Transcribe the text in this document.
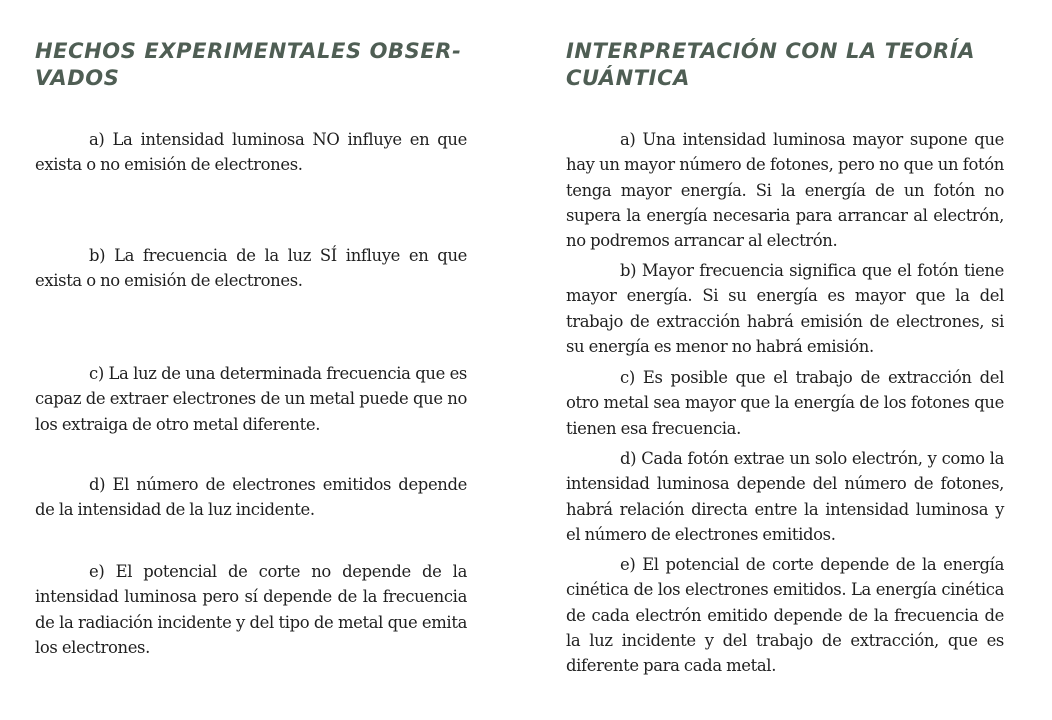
HECHOS EXPERIMENTALES OBSER-
VADOS

a) La intensidad luminosa NO influye en que exista o no emisión de electrones.

b) La frecuencia de la luz SÍ influye en que exista o no emisión de electrones.

c) La luz de una determinada frecuencia que es capaz de extraer electrones de un metal puede que no los extraiga de otro metal diferente.

d) El número de electrones emitidos depende de la intensidad de la luz incidente.

e) El potencial de corte no depende de la intensidad luminosa pero sí depende de la frecuencia de la radiación incidente y del tipo de metal que emita los electrones.

INTERPRETACIÓN CON LA TEORÍA
CUÁNTICA

a) Una intensidad luminosa mayor supone que hay un mayor número de fotones, pero no que un fotón tenga mayor energía. Si la energía de un fotón no supera la energía necesaria para arrancar al electrón, no podremos arrancar al electrón.

b) Mayor frecuencia significa que el fotón tiene mayor energía. Si su energía es mayor que la del trabajo de extracción habrá emisión de electrones, si su energía es menor no habrá emisión.

c) Es posible que el trabajo de extracción del otro metal sea mayor que la energía de los fotones que tienen esa frecuencia.

d) Cada fotón extrae un solo electrón, y como la intensidad luminosa depende del número de fotones, habrá relación directa entre la intensidad luminosa y el número de electrones emitidos.

e) El potencial de corte depende de la energía cinética de los electrones emitidos. La energía cinética de cada electrón emitido depende de la frecuencia de la luz incidente y del trabajo de extracción, que es diferente para cada metal.
